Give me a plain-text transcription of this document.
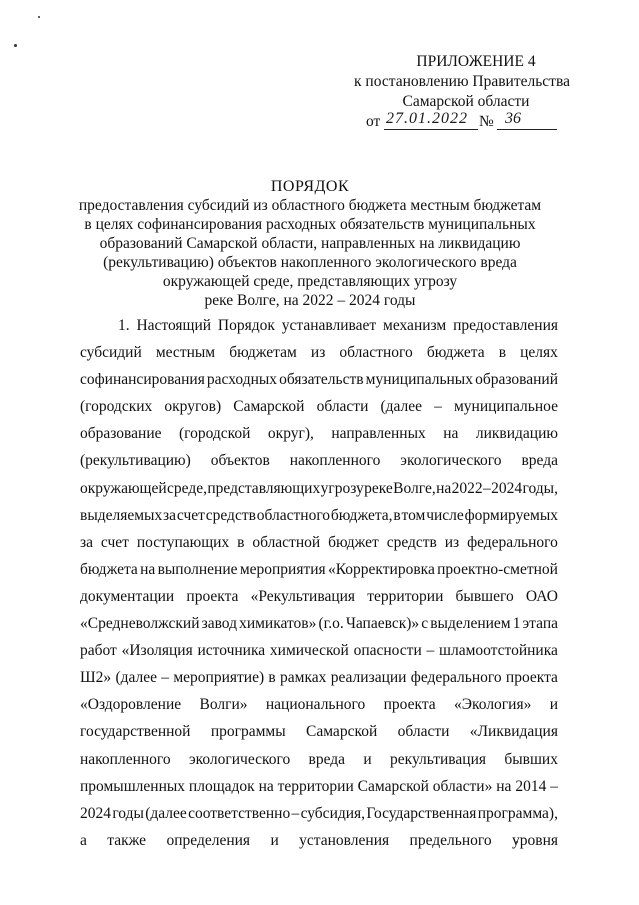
ПРИЛОЖЕНИЕ 4
к постановлению Правительства
Самарской области
от 27.01.2022 № 36
ПОРЯДОК
предоставления субсидий из областного бюджета местным бюджетам
в целях софинансирования расходных обязательств муниципальных
образований Самарской области, направленных на ликвидацию
(рекультивацию) объектов накопленного экологического вреда
окружающей среде, представляющих угрозу
реке Волге, на 2022 – 2024 годы
1. Настоящий Порядок устанавливает механизм предоставления
субсидий местным бюджетам из областного бюджета в целях
софинансирования расходных обязательств муниципальных образований
(городских округов) Самарской области (далее – муниципальное
образование (городской округ), направленных на ликвидацию
(рекультивацию) объектов накопленного экологического вреда
окружающей среде, представляющих угрозу реке Волге, на 2022 – 2024 годы,
выделяемых за счет средств областного бюджета, в том числе формируемых
за счет поступающих в областной бюджет средств из федерального
бюджета на выполнение мероприятия «Корректировка проектно-сметной
документации проекта «Рекультивация территории бывшего ОАО
«Средневолжский завод химикатов» (г.о. Чапаевск)» с выделением 1 этапа
работ «Изоляция источника химической опасности – шламоотстойника
Ш2» (далее – мероприятие) в рамках реализации федерального проекта
«Оздоровление Волги» национального проекта «Экология» и
государственной программы Самарской области «Ликвидация
накопленного экологического вреда и рекультивация бывших
промышленных площадок на территории Самарской области» на 2014 –
2024 годы (далее соответственно – субсидия, Государственная программа),
а также определения и установления предельного уровня
